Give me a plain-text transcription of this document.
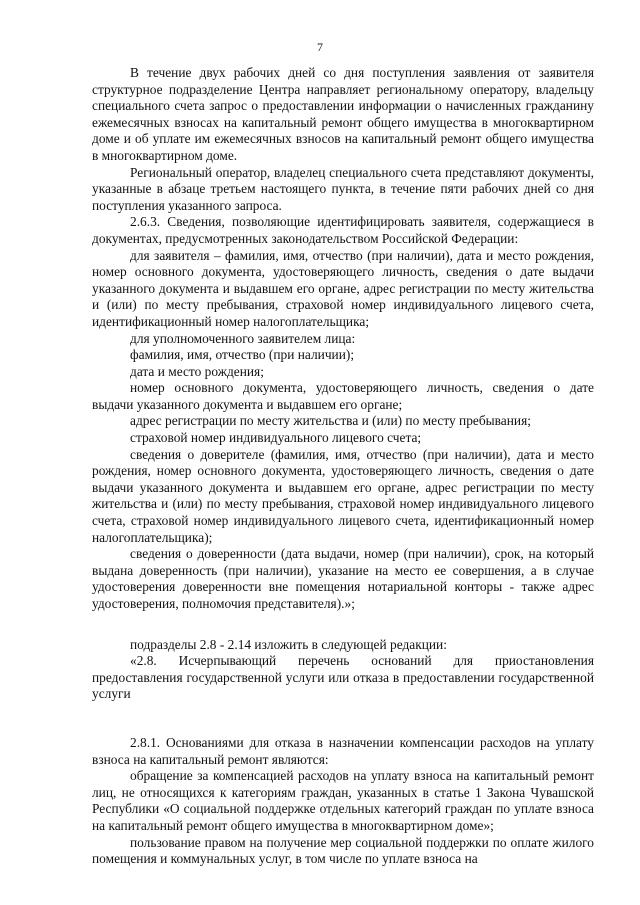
7

В течение двух рабочих дней со дня поступления заявления от заявителя структурное подразделение Центра направляет региональному оператору, владельцу специального счета запрос о предоставлении информации о начисленных гражданину ежемесячных взносах на капитальный ремонт общего имущества в многоквартирном доме и об уплате им ежемесячных взносов на капитальный ремонт общего имущества в многоквартирном доме.

Региональный оператор, владелец специального счета представляют документы, указанные в абзаце третьем настоящего пункта, в течение пяти рабочих дней со дня поступления указанного запроса.

2.6.3. Сведения, позволяющие идентифицировать заявителя, содержащиеся в документах, предусмотренных законодательством Российской Федерации:

для заявителя – фамилия, имя, отчество (при наличии), дата и место рождения, номер основного документа, удостоверяющего личность, сведения о дате выдачи указанного документа и выдавшем его органе, адрес регистрации по месту жительства и (или) по месту пребывания, страховой номер индивидуального лицевого счета, идентификационный номер налогоплательщика;

для уполномоченного заявителем лица:

фамилия, имя, отчество (при наличии);

дата и место рождения;

номер основного документа, удостоверяющего личность, сведения о дате выдачи указанного документа и выдавшем его органе;

адрес регистрации по месту жительства и (или) по месту пребывания;

страховой номер индивидуального лицевого счета;

сведения о доверителе (фамилия, имя, отчество (при наличии), дата и место рождения, номер основного документа, удостоверяющего личность, сведения о дате выдачи указанного документа и выдавшем его органе, адрес регистрации по месту жительства и (или) по месту пребывания, страховой номер индивидуального лицевого счета, страховой номер индивидуального лицевого счета, идентификационный номер налогоплательщика);

сведения о доверенности (дата выдачи, номер (при наличии), срок, на который выдана доверенность (при наличии), указание на место ее совершения, а в случае удостоверения доверенности вне помещения нотариальной конторы - также адрес удостоверения, полномочия представителя).»;

подразделы 2.8 - 2.14 изложить в следующей редакции:

«2.8. Исчерпывающий перечень оснований для приостановления предоставления государственной услуги или отказа в предоставлении государственной услуги

2.8.1. Основаниями для отказа в назначении компенсации расходов на уплату взноса на капитальный ремонт являются:

обращение за компенсацией расходов на уплату взноса на капитальный ремонт лиц, не относящихся к категориям граждан, указанных в статье 1 Закона Чувашской Республики «О социальной поддержке отдельных категорий граждан по уплате взноса на капитальный ремонт общего имущества в многоквартирном доме»;

пользование правом на получение мер социальной поддержки по оплате жилого помещения и коммунальных услуг, в том числе по уплате взноса на
